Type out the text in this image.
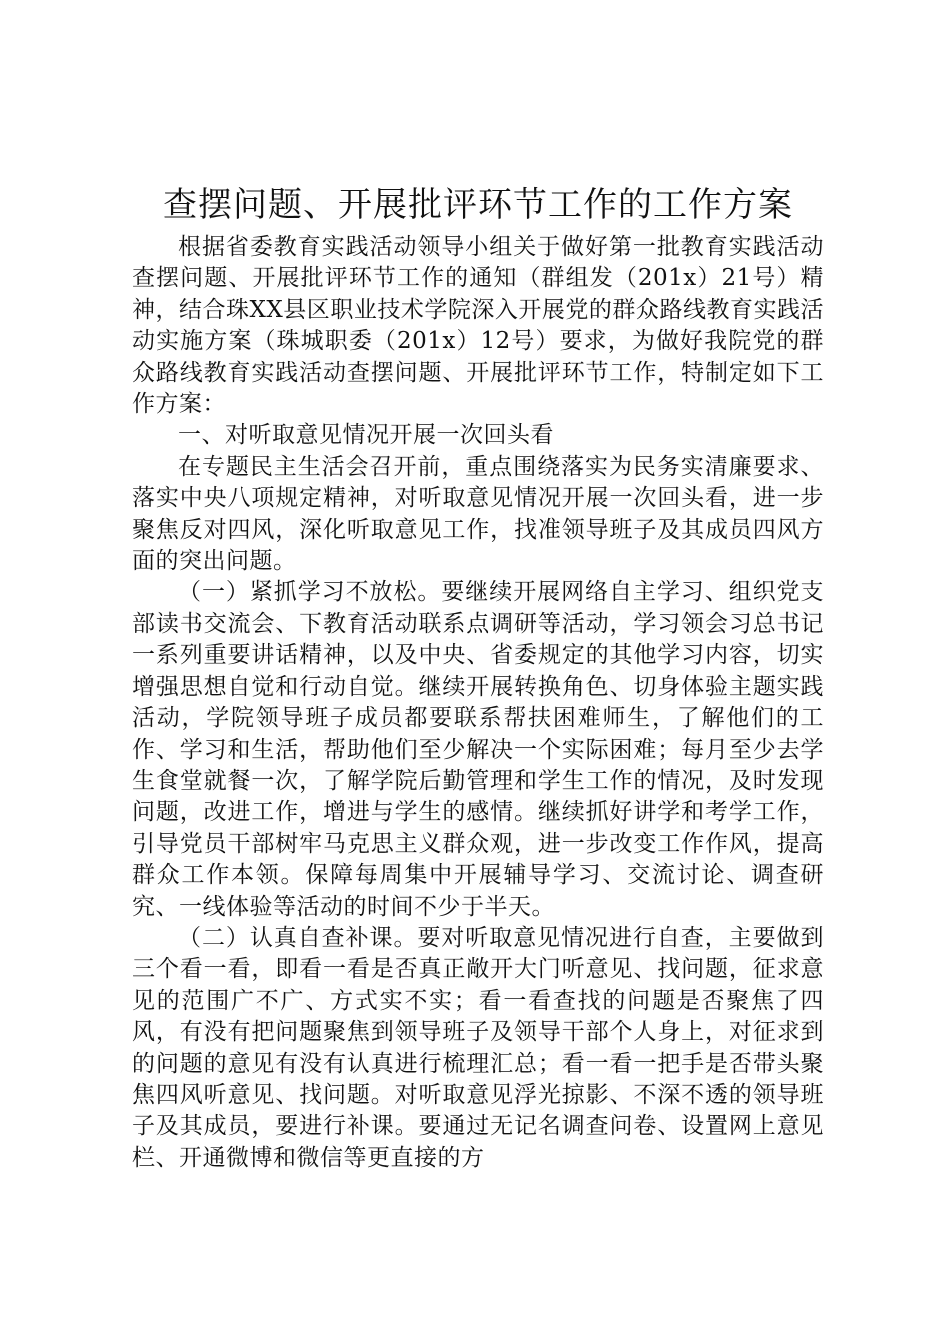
查摆问题、开展批评环节工作的工作方案

根据省委教育实践活动领导小组关于做好第一批教育实践活动查摆问题、开展批评环节工作的通知（群组发（201x）21号）精神，结合珠XX县区职业技术学院深入开展党的群众路线教育实践活动实施方案（珠城职委（201x）12号）要求，为做好我院党的群众路线教育实践活动查摆问题、开展批评环节工作，特制定如下工作方案：

一、对听取意见情况开展一次回头看

在专题民主生活会召开前，重点围绕落实为民务实清廉要求、落实中央八项规定精神，对听取意见情况开展一次回头看，进一步聚焦反对四风，深化听取意见工作，找准领导班子及其成员四风方面的突出问题。

（一）紧抓学习不放松。要继续开展网络自主学习、组织党支部读书交流会、下教育活动联系点调研等活动，学习领会习总书记一系列重要讲话精神，以及中央、省委规定的其他学习内容，切实增强思想自觉和行动自觉。继续开展转换角色、切身体验主题实践活动，学院领导班子成员都要联系帮扶困难师生，了解他们的工作、学习和生活，帮助他们至少解决一个实际困难；每月至少去学生食堂就餐一次，了解学院后勤管理和学生工作的情况，及时发现问题，改进工作，增进与学生的感情。继续抓好讲学和考学工作，引导党员干部树牢马克思主义群众观，进一步改变工作作风，提高群众工作本领。保障每周集中开展辅导学习、交流讨论、调查研究、一线体验等活动的时间不少于半天。

（二）认真自查补课。要对听取意见情况进行自查，主要做到三个看一看，即看一看是否真正敞开大门听意见、找问题，征求意见的范围广不广、方式实不实；看一看查找的问题是否聚焦了四风，有没有把问题聚焦到领导班子及领导干部个人身上，对征求到的问题的意见有没有认真进行梳理汇总；看一看一把手是否带头聚焦四风听意见、找问题。对听取意见浮光掠影、不深不透的领导班子及其成员，要进行补课。要通过无记名调查问卷、设置网上意见栏、开通微博和微信等更直接的方
